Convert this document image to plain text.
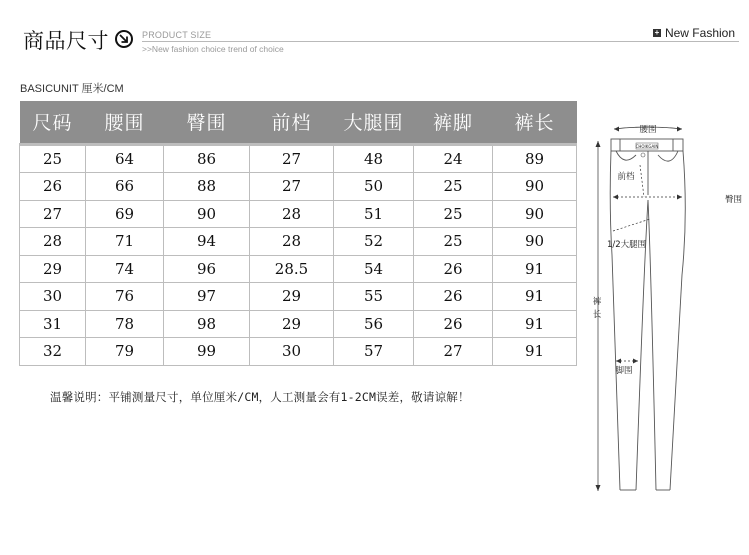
商品尺寸	PRODUCT SIZE
>>New fashion choice trend of choice
+ New Fashion
BASICUNIT 厘米/CM
尺码	腰围	臀围	前档	大腿围	裤脚	裤长
25	64	86	27	48	24	89
26	66	88	27	50	25	90
27	69	90	28	51	25	90
28	71	94	28	52	25	90
29	74	96	28.5	54	26	91
30	76	97	29	55	26	91
31	78	98	29	56	26	91
32	79	99	30	57	27	91
温馨说明：平铺测量尺寸，单位厘米/CM，人工测量会有1-2CM误差，敬请谅解！
腰围
CHOIKGAIN
前档
臀围
1/2大腿围
裤
长
脚围
